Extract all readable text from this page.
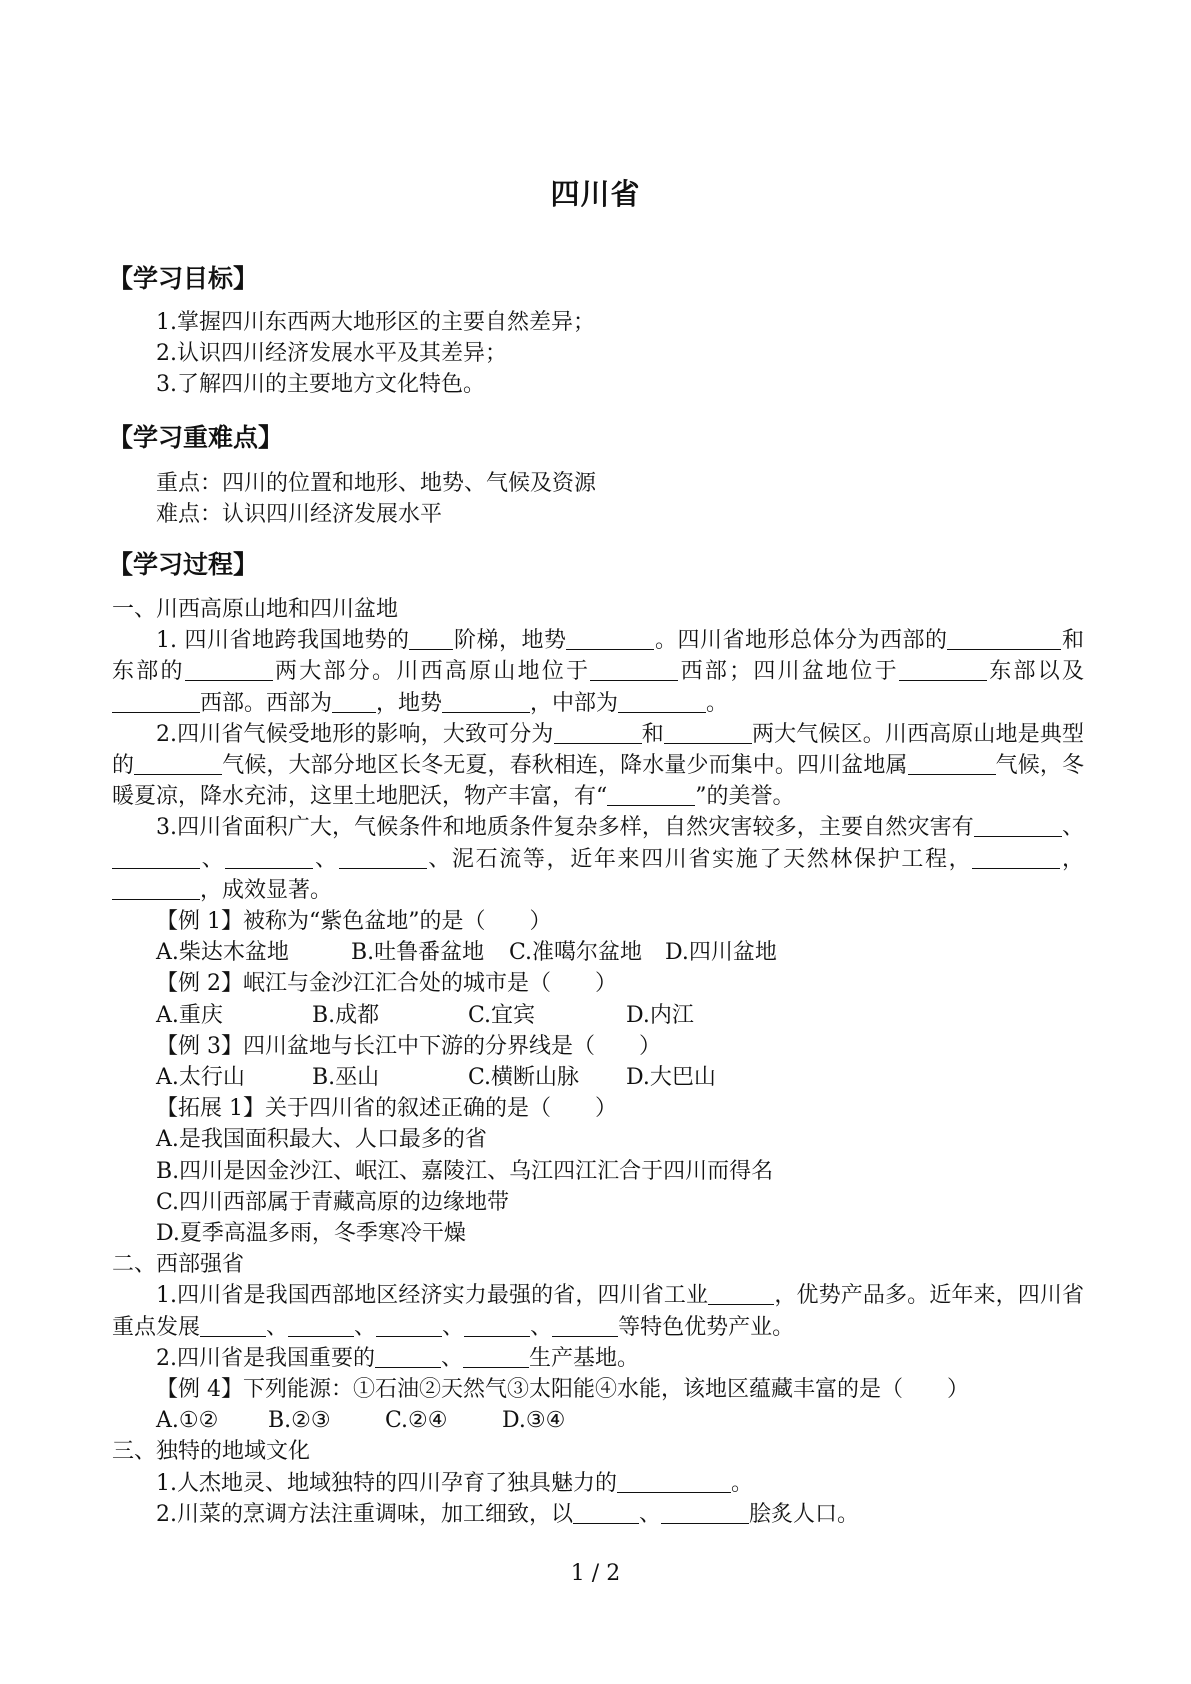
四川省
【学习目标】
1.掌握四川东西两大地形区的主要自然差异；
2.认识四川经济发展水平及其差异；
3.了解四川的主要地方文化特色。
【学习重难点】
重点：四川的位置和地形、地势、气候及资源
难点：认识四川经济发展水平
【学习过程】
一、川西高原山地和四川盆地
1. 四川省地跨我国地势的 阶梯，地势	。四川省地形总体分为西部的	和东部的	两大部分。川西高原山地位于	西部；四川盆地位于	东部以及西部。西部为 ，地势	，中部为	。
2.四川省气候受地形的影响，大致可分为	和	两大气候区。川西高原山地是典型的	气候，大部分地区长冬无夏，春秋相连，降水量少而集中。四川盆地属	气候，冬暖夏凉，降水充沛，这里土地肥沃，物产丰富，有“	”的美誉。
3.四川省面积广大，气候条件和地质条件复杂多样，自然灾害较多，主要自然灾害有	、、	、	、泥石流等，近年来四川省实施了天然林保护工程，	，，成效显著。
【例 1】被称为“紫色盆地”的是（　　）
A.柴达木盆地	B.吐鲁番盆地 C.准噶尔盆地 D.四川盆地
【例 2】岷江与金沙江汇合处的城市是（　　）
A.重庆	B.成都	C.宜宾	D.内江
【例 3】四川盆地与长江中下游的分界线是（　　）
A.太行山	B.巫山	C.横断山脉 D.大巴山
【拓展 1】关于四川省的叙述正确的是（　　）
A.是我国面积最大、人口最多的省
B.四川是因金沙江、岷江、嘉陵江、乌江四江汇合于四川而得名
C.四川西部属于青藏高原的边缘地带
D.夏季高温多雨，冬季寒冷干燥
二、西部强省
1.四川省是我国西部地区经济实力最强的省，四川省工业	，优势产品多。近年来，四川省重点发展	、	、	、	、	等特色优势产业。
2.四川省是我国重要的	、	生产基地。
【例 4】下列能源：①石油②天然气③太阳能④水能，该地区蕴藏丰富的是（　　）
A.①② B.②③ C.②④ D.③④
三、独特的地域文化
1.人杰地灵、地域独特的四川孕育了独具魅力的	。
2.川菜的烹调方法注重调味，加工细致，以	、	脍炙人口。
1 / 2
